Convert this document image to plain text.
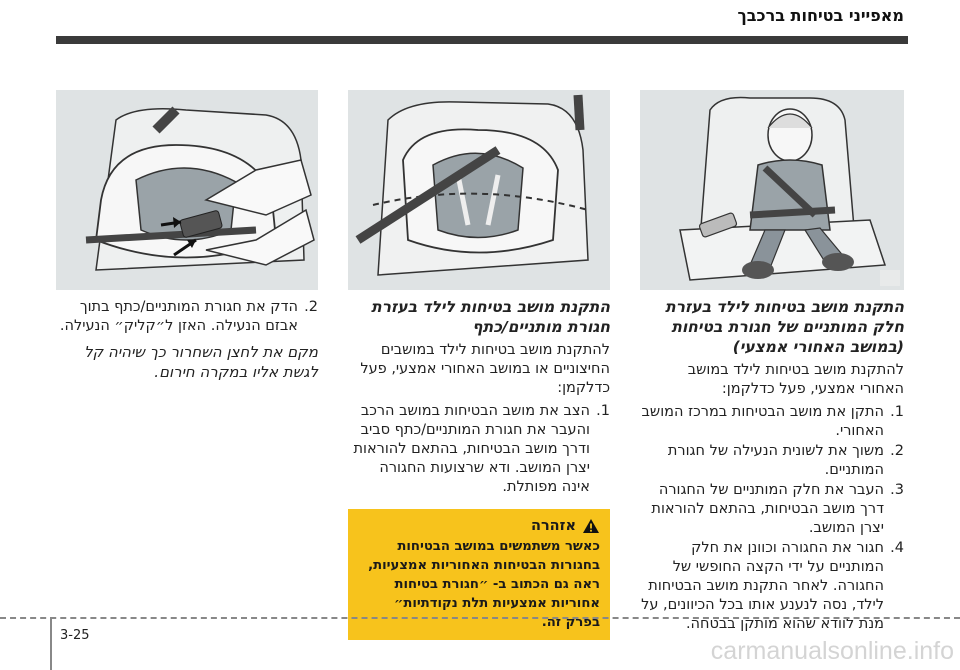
מאפייני בטיחות ברכבך
התקנת מושב בטיחות לילד בעזרת חלק המותניים של חגורת בטיחות (במושב האחורי אמצעי)

להתקנת מושב בטיחות לילד במושב האחורי אמצעי, פעל כדלקמן:

1.
התקן את מושב הבטיחות במרכז המושב האחורי.
2.
משוך את לשונית הנעילה של חגורת המותניים.
3.
העבר את חלק המותניים של החגורה דרך מושב הבטיחות, בהתאם להוראות יצרן המושב.
4.
חגור את החגורה וכוונן את חלק המותניים על ידי הקצה החופשי של החגורה. לאחר התקנת מושב הבטיחות לילד, נסה לנענע אותו בכל הכיוונים, על מנת לוודא שהוא מותקן בבטחה.
התקנת מושב בטיחות לילד בעזרת חגורת מותניים/כתף

להתקנת מושב בטיחות לילד במושבים החיצוניים או במושב האחורי אמצעי, פעל כדלקמן:

1.
הצב את מושב הבטיחות במושב הרכב והעבר את חגורת המותניים/כתף סביב ודרך מושב הבטיחות, בהתאם להוראות יצרן המושב. ודא שרצועות החגורה אינה מפותלת.
אזהרה
כאשר משתמשים במושב הבטיחות בחגורות הבטיחות האחוריות אמצעיות, ראה גם הכתוב ב- ״חגורת בטיחות אחוריות אמצעיות תלת נקודתיות״ בפרק זה.
2.
הדק את חגורת המותניים/כתף בתוך אבזם הנעילה. האזן ל״קליק״ הנעילה.

מקם את לחצן השחרור כך שיהיה קל לגשת אליו במקרה חירום.

3-25
carmanualsonline.info
